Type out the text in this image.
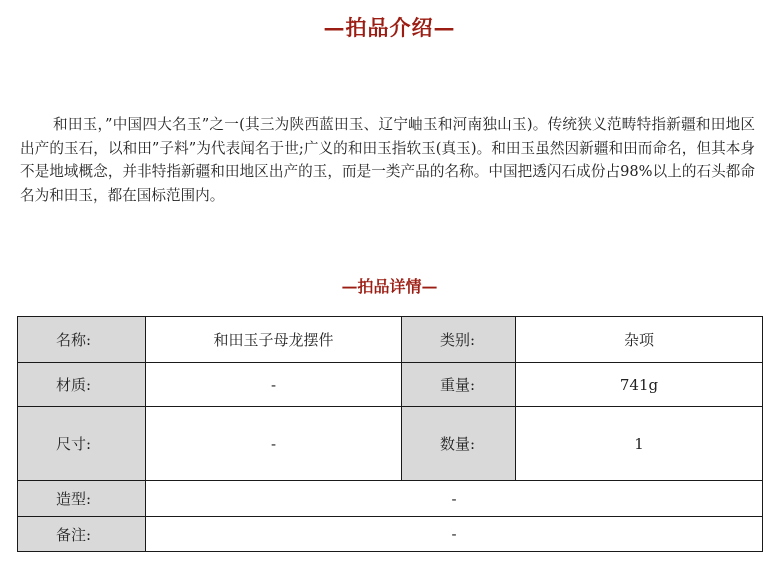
—拍品介绍—

和田玉，”中国四大名玉”之一(其三为陕西蓝田玉、辽宁岫玉和河南独山玉)。传统狭义范畴特指新疆和田地区出产的玉石，以和田”子料”为代表闻名于世;广义的和田玉指软玉(真玉)。和田玉虽然因新疆和田而命名，但其本身不是地域概念，并非特指新疆和田地区出产的玉，而是一类产品的名称。中国把透闪石成份占98%以上的石头都命名为和田玉，都在国标范围内。

—拍品详情—
名称:	和田玉子母龙摆件	类别:	杂项
材质:	-	重量:	741g
尺寸:	-	数量:	1
造型:	-		
备注:	-		
